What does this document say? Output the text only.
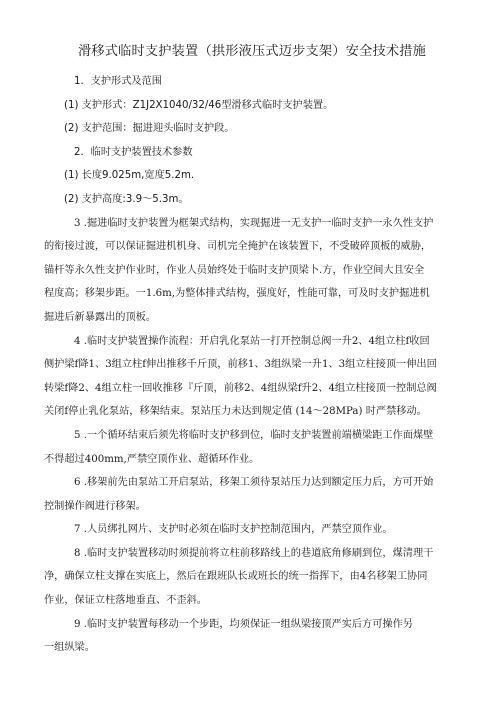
滑移式临时支护装置（拱形液压式迈步支架）安全技术措施
1．支护形式及范围
(1) 支护形式：Z1J2X1040/32/46型滑移式临时支护装置。
(2) 支护范围：掘进迎头临时支护段。
2．临时支护装置技术参数
(1) 长度9.025m,宽度5.2m.
(2) 支护高度:3.9～5.3m。
3 .掘进临时支护装置为框架式结构，实现掘进一无支护一临时支护一永久性支护
的衔接过渡，可以保证掘进机机身、司机完全掩护在该装置下，不受破碎顶板的威胁，
锚杆等永久性支护作业时，作业人员始终处于临时支护顶梁卜.方，作业空间大且安全
程度高；移架步距。一1.6m,为整体排式结构，强度好，性能可靠，可及时支护掘进机
掘进后新暴露出的顶板。
4 .临时支护装置操作流程：开启乳化泵站一打开控制总阀一升2、4组立柱f收回
侧护梁f降1、3组立柱f伸出推移千斤顶，前移1、3组纵梁一升1、3组立柱接顶一伸出回
转梁f降2、4组立柱一回收推移『斤顶，前移2、4组纵梁f升2、4组立柱接顶一控制总阀
关闭f停止乳化泵站，移架结束。泵站压力未达到规定值 (14～28MPa) 时严禁移动。
5 .一个循环结束后须先将临时支护移到位，临时支护装置前端横梁距工作面煤壁
不得超过400mm,严禁空顶作业、超循环作业。
6 .移架前先由泵站工开启泵站，移架工须待泵站压力达到额定压力后，方可开始
控制操作阀进行移架。
7 .人员绑扎网片、支护时必须在临时支护控制范围内，严禁空顶作业。
8 .临时支护装置移动时须提前将立柱前移路线上的巷道底角修刷到位，煤清理干
净，确保立柱支撑在实底上，然后在跟班队长或班长的统一指挥下，由4名移架工协同
作业，保证立柱落地垂直、不歪斜。
9 .临时支护装置每移动一个步距，均须保证一组纵梁接顶严实后方可操作另
一组纵梁。
